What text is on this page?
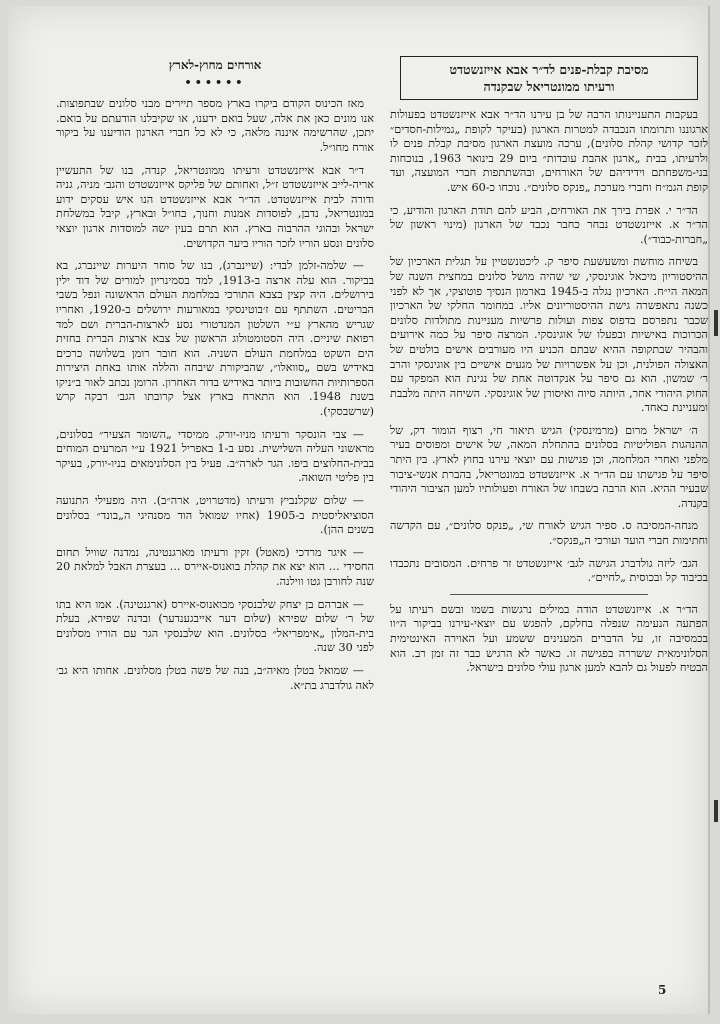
מסיבת קבלת-פנים לד״ר אבא אייזנשטדט
ורעיתו ממונטריאל שבקנדה

בעקבות התעניינותו הרבה של בן עירנו הד״ר אבא אייזנשטדט בפעולות ארגוננו ותרומתו הנכבדה למטרות הארגון (בעיקר לקופת „גמילות-חסדים״ לזכר קדושי קהלת סלונים), ערכה מועצת הארגון מסיבת קבלת פנים לו ולרעיתו, בבית „ארגון אהבת עובדות״ ביום 29 בינואר 1963, בנוכחות בני-משפחתם וידידיהם של האורחים, ובהשתתפות חברי המועצה, ועד קופת הגמ״ח וחברי מערכת „פנקס סלונים״. נוכחו כ-60 איש.

הד״ר י. אפרת בירך את האורחים, הביע להם תודת הארגון והודיע, כי הד״ר א. אייזנשטדט נבחר כחבר נכבד של הארגון (מינוי ראשון של „חברות-כבוד״).

בשיחה מוחשת ומשעשעת סיפר ק. ליכטנשטיין על תגלית הארכיון של ההיסטוריון מיכאל אוגינסקי, שי שהיה מושל סלונים במחצית השנה של המאה הי״ח. הארכיון נגלה ב-1945 בארמון הנסיך פוטוצקי, אך לא לפני כשנה נתאפשרה גישת ההיסטוריונים אליו. במחומר החלקי של הארכיון שכבר נתפרסם בדפוס צפות ועולות פרשיות מעניינות מתולדות סלונים הכרוכות באישיות ובפעלו של אוגינסקי. המרצה סיפר על כמה אירועים והבהיר שבתקופה ההיא שבתם הכניע היו מעורבים אישים בולטים של האצולה הפולנית, וכן על אפשרויות של מגעים אישיים בין אוגינסקי והרב ר׳ שמשון. הוא גם סיפר על אנקדוטה אחת של נגינת הוא המפקד עם החוק היהודי אחר, היותה סיוה ואיסורן של אוגינסקי. השיחה היתה מלבבת ומעניינת כאחד.

ה׳ ישראל מרום (מרמינסקי) הגיש תיאור חי, רצוף הומור דק, של ההנהגות הפוליטיות בסלונים בהתחלת המאה, של אישים ומפוסים בעיר מלפני ואחרי המלחמה, וכן פגישות עם יוצאי עירנו בחוץ לארץ. בין היתר סיפר על פגישתו עם הד״ר א. אייזנשטדט במונטריאל, בהברת אנשי-ציבור שבעיר ההיא. הוא הרבה בשבחו של האורח ופעולותיו למען הציבור היהודי בקנדה.

מנחה-המסיבה ס. ספיר הגיש לאורח שי, „פנקס סלונים״, עם הקדשה וחתימות חברי הועד ועורכי ה„פנקס״.

הגב׳ ליזה גולדברג הגישה לגב׳ אייזנשטדט זר פרחים. המסובים נתכבדו בכיבוד קל ובכוסית „לחיים״.

הד״ר א. אייזנשטדט הודה במילים נרגשות בשמו ובשם רעיתו על הפתעה הנעימה שנפלה בחלקם, להפגש עם יוצאי-עירנו בביקור ה״וו בכמסיבה זו, על הדברים המענינים ששמע ועל האוירה האינטימית הסלונימאית ששררה בפגישה זו. כאשר לא הרגיש כבר זה זמן רב. הוא הבטיח לפעול גם להבא למען ארגון עולי סלונים בישראל.

אורחים מחוץ-לארץ
••••••

מאז הכינוס הקודם ביקרו בארץ מספר תיירים מבני סלונים שבתפוצות. אנו מונים כאן את אלה, שעל בואם ידענו, או שקיבלנו הודעתם על בואם. יתכן, שהרשימה איננה מלאה, כי לא כל חברי הארגון הודיענו על ביקור אורח מחו״ל.

ד״ר אבא אייזנשטדט ורעיתו ממונטריאל, קנדה, בנו של התעשיין אריה-לייב אייזנשטדט ז״ל, ואחותם של פליקס אייזנשטדט והגב׳ מניה, גניה ודורה לבית אייזנשטדט. הד״ר אבא אייזנשטדט הנו איש עסקים ידוע במונטריאל, נדבן, לפוסדות אמנות וחנוך, בחו״ל ובארץ, קיבל במשלחת ישראל ובהוגי ההרבוה בארץ. הוא תרם בעין ישה למוסדות ארגון יוצאי סלונים ונסע הוריו לזכר הוריו ביער הקדושים.

— שלמה-זלמן לבדי: (שיינברג), בנו של סוחר היערות שיינברג, בא בביקור. הוא עלה ארצה ב-1913, למד בסמינריון למורים של דוד ילין בירושלים. היה קצין בצבא התורכי במלחמת העולם הראשונה ונפל בשבי הבריטים. השתתף עם ז׳בוטינסקי במאורעות ירושלים ב-1920, ואחריו שגריש מהארץ ע״י השלטון המנדטורי נסע לארצות-הברית ושם למד רפואת שיניים. היה הסטומטולוג הראשון של צבא ארצות הברית בחזית הים השקט במלחמת העולם השניה. הוא חובר רומן בשלושה כרכים באידיש בשם „סוואלו״, שהביקורת שיבחה והללה אותו באחת היצירות הספרותיות החשובות ביותר באידיש בדור האחרון. הרומן נכתב לאור ב״ניקו בשנת 1948. הוא התארח בארץ אצל קרובתו הגב׳ רבקה קרש (שרשבסקי).

— צבי הונסקר ורעיתו מניו-יורק. ממיסדי „השומר הצעיר״ בסלונים, מראשוני העליה השלישית. נסע ב-1 באפריל 1921 ע״י המרעים המוחים בבית-החלוצים ביפו. הגר לארה״ב. פעיל בין הסלונימאים בניו-יורק, בעיקר בין פליטי השואה.

— שלום שקלנביץ ורעיתו (מדטרויט, ארה״ב). היה מפעילי התנועה הסוציאליסטית ב-1905 (אחיו שמואל הוד מסנהיגי ה„בונד״ בסלונים בשנים ההן).

— איגר מרדכי (מאטל) זקין ורעיתו מארגנטינה, נמדנה שוויל תחום החסידי ... הוא יצא את קהלת בואנוס-איירס ... בעצרת האבל למלאת 20 שנה לחורבן גטו ווילנה.

— אברהם בן יצחק שלבנסקי מבואנוס-איירס (ארגנטינה). אמו היא בתו של ר׳ שלום שפירא (שלום דער אייבגענדער) ובדנה שפירא, בעלת בית-המלון „אימפריאל״ בסלונים. הוא שלבנסקי הגר עם הוריו מסלונים לפני 30 שנה.

— שמואל בטלן מאיה״ב, בנה של פשה בטלן מסלונים. אחותו היא גב׳ לאה גולדברג בת״א.

5
